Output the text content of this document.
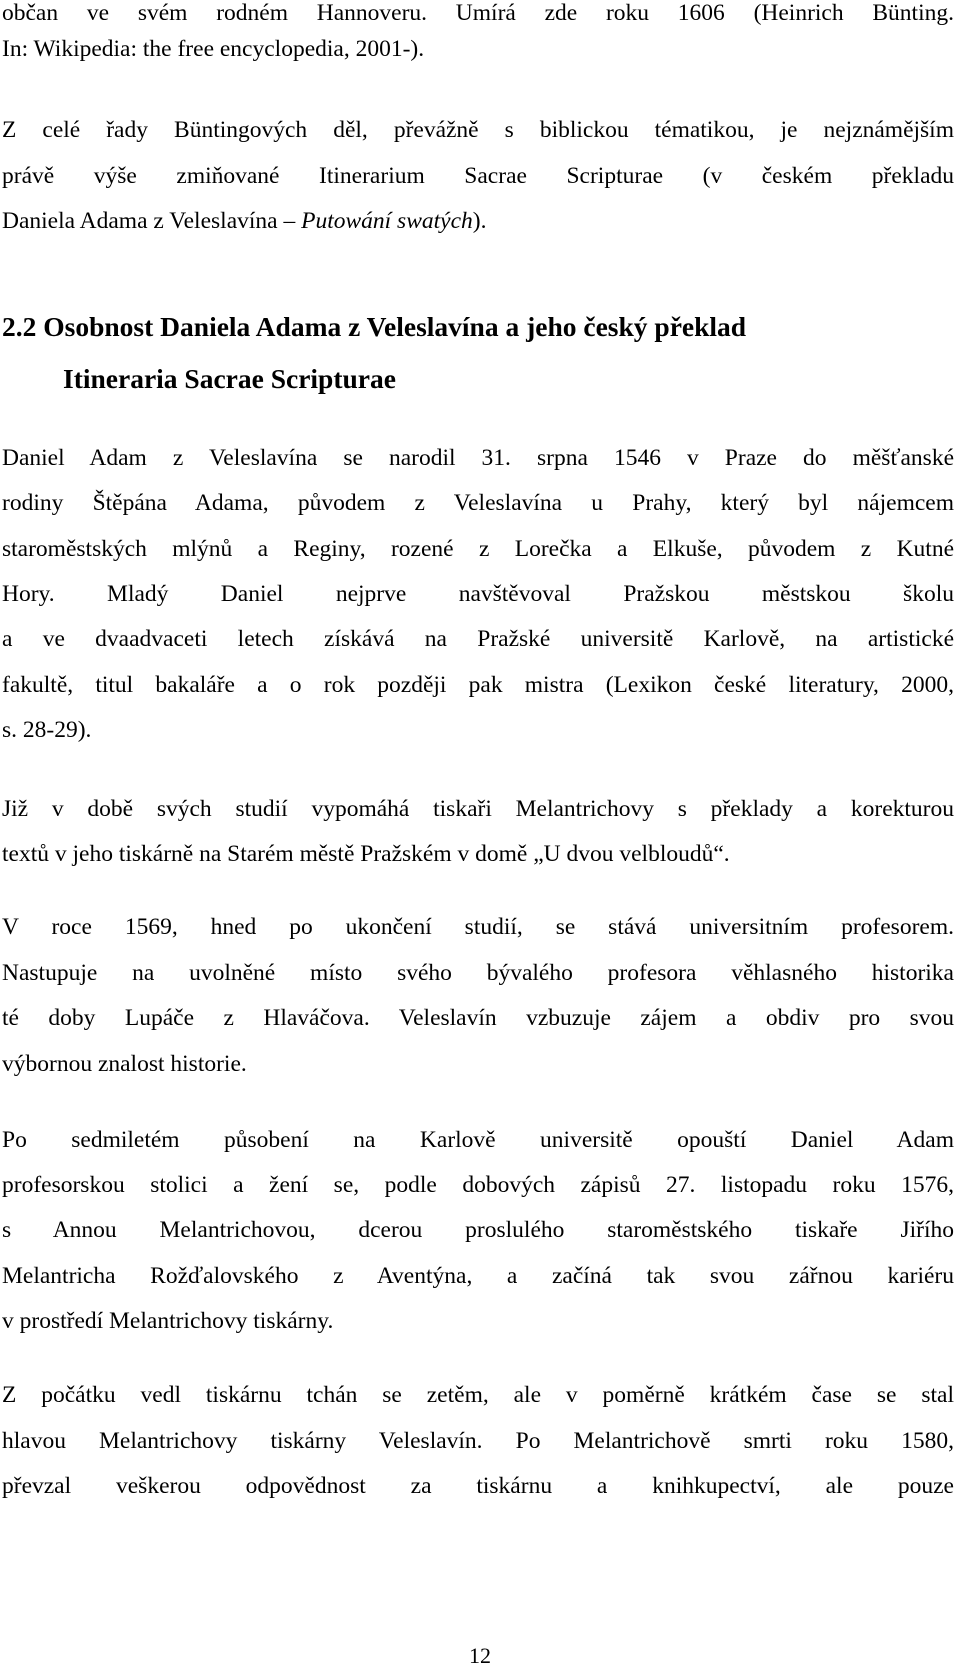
občan ve svém rodném Hannoveru. Umírá zde roku 1606 (Heinrich Bünting.

In: Wikipedia: the free encyclopedia, 2001-).

Z celé řady Büntingových děl, převážně s biblickou tématikou, je nejznámějším

právě výše zmiňované Itinerarium Sacrae Scripturae (v českém překladu

Daniela Adama z Veleslavína – Putowání swatých).

2.2 Osobnost Daniela Adama z Veleslavína a jeho český překlad
Itineraria Sacrae Scripturae

Daniel Adam z Veleslavína se narodil 31. srpna 1546 v Praze do měšťanské

rodiny Štěpána Adama, původem z Veleslavína u Prahy, který byl nájemcem

staroměstských mlýnů a Reginy, rozené z Lorečka a Elkuše, původem z Kutné

Hory. Mladý Daniel nejprve navštěvoval Pražskou městskou školu

a ve dvaadvaceti letech získává na Pražské universitě Karlově, na artistické

fakultě, titul bakaláře a o rok později pak mistra (Lexikon české literatury, 2000,

s. 28-29).

Již v době svých studií vypomáhá tiskaři Melantrichovy s překlady a korekturou

textů v jeho tiskárně na Starém městě Pražském v domě „U dvou velbloudů“.

V roce 1569, hned po ukončení studií, se stává universitním profesorem.

Nastupuje na uvolněné místo svého bývalého profesora věhlasného historika

té doby Lupáče z Hlaváčova. Veleslavín vzbuzuje zájem a obdiv pro svou

výbornou znalost historie.

Po sedmiletém působení na Karlově universitě opouští Daniel Adam

profesorskou stolici a žení se, podle dobových zápisů 27. listopadu roku 1576,

s Annou Melantrichovou, dcerou proslulého staroměstského tiskaře Jiřího

Melantricha Rožďalovského z Aventýna, a začíná tak svou zářnou kariéru

v prostředí Melantrichovy tiskárny.

Z počátku vedl tiskárnu tchán se zetěm, ale v poměrně krátkém čase se stal

hlavou Melantrichovy tiskárny Veleslavín. Po Melantrichově smrti roku 1580,

převzal veškerou odpovědnost za tiskárnu a knihkupectví, ale pouze

12
